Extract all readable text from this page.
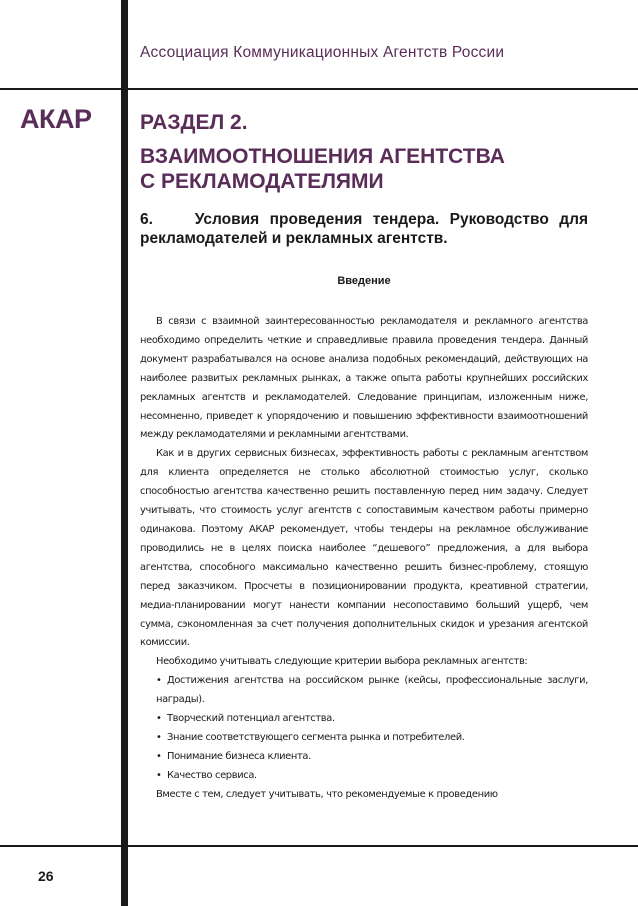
Ассоциация Коммуникационных Агентств России
АКАР РАЗДЕЛ 2.
ВЗАИМООТНОШЕНИЯ АГЕНТСТВА
С РЕКЛАМОДАТЕЛЯМИ
6.    Условия проведения тендера. Руководство для рекламодателей и рекламных агентств.
Введение

В связи с взаимной заинтересованностью рекламодателя и рекламного агентства необходимо определить четкие и справедливые правила проведения тендера. Данный документ разрабатывался на основе анализа подобных рекомендаций, действующих на наиболее развитых рекламных рынках, а также опыта работы крупнейших российских рекламных агентств и рекламодателей. Следование принципам, изложенным ниже, несомненно, приведет к упорядочению и повышению эффективности взаимоотношений между рекламодателями и рекламными агентствами.

Как и в других сервисных бизнесах, эффективность работы с рекламным агентством для клиента определяется не столько абсолютной стоимостью услуг, сколько способностью агентства качественно решить поставленную перед ним задачу. Следует учитывать, что стоимость услуг агентств с сопоставимым качеством работы примерно одинакова. Поэтому АКАР рекомендует, чтобы тендеры на рекламное обслуживание проводились не в целях поиска наиболее “дешевого” предложения, а для выбора агентства, способного максимально качественно решить бизнес-проблему, стоящую перед заказчиком. Просчеты в позиционировании продукта, креативной стратегии, медиа-планировании могут нанести компании несопоставимо больший ущерб, чем сумма, сэкономленная за счет получения дополнительных скидок и урезания агентской комиссии.

Необходимо учитывать следующие критерии выбора рекламных агентств:

• Достижения агентства на российском рынке (кейсы, профессиональные заслуги, награды).
• Творческий потенциал агентства.
• Знание соответствующего сегмента рынка и потребителей.
• Понимание бизнеса клиента.
• Качество сервиса.

Вместе с тем, следует учитывать, что рекомендуемые к проведению

26
